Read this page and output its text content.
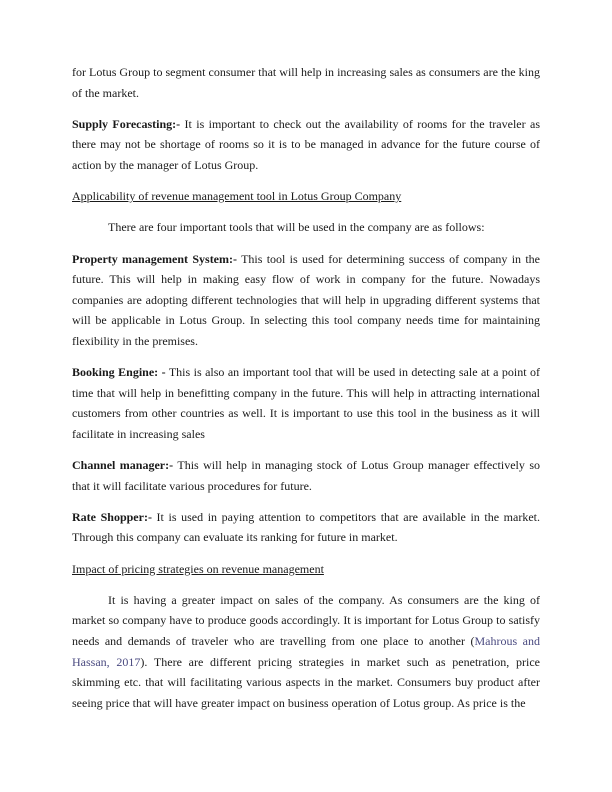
for Lotus Group to segment consumer that will help in increasing sales as consumers are the king of the market.

Supply Forecasting:- It is important to check out the availability of rooms for the traveler as there may not be shortage of rooms so it is to be managed in advance for the future course of action by the manager of Lotus Group.

Applicability of revenue management tool in Lotus Group Company

There are four important tools that will be used in the company are as follows:

Property management System:- This tool is used for determining success of company in the future. This will help in making easy flow of work in company for the future. Nowadays companies are adopting different technologies that will help in upgrading different systems that will be applicable in Lotus Group. In selecting this tool company needs time for maintaining flexibility in the premises.

Booking Engine: - This is also an important tool that will be used in detecting sale at a point of time that will help in benefitting company in the future. This will help in attracting international customers from other countries as well. It is important to use this tool in the business as it will facilitate in increasing sales

Channel manager:- This will help in managing stock of Lotus Group manager effectively so that it will facilitate various procedures for future.

Rate Shopper:- It is used in paying attention to competitors that are available in the market. Through this company can evaluate its ranking for future in market.

Impact of pricing strategies on revenue management

It is having a greater impact on sales of the company. As consumers are the king of market so company have to produce goods accordingly. It is important for Lotus Group to satisfy needs and demands of traveler who are travelling from one place to another (Mahrous and Hassan, 2017). There are different pricing strategies in market such as penetration, price skimming etc. that will facilitating various aspects in the market. Consumers buy product after seeing price that will have greater impact on business operation of Lotus group. As price is the
